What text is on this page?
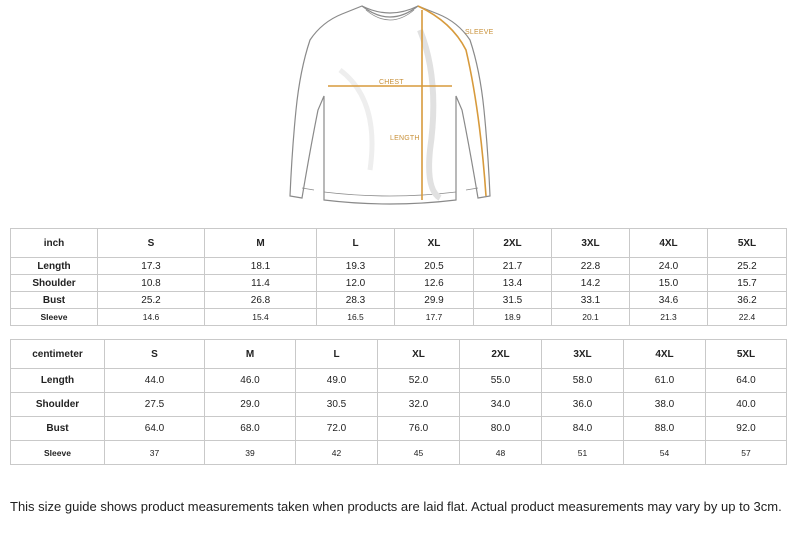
SLEEVE
CHEST
LENGTH
inch	S	M	L	XL	2XL	3XL	4XL	5XL
Length	17.3	18.1	19.3	20.5	21.7	22.8	24.0	25.2
Shoulder	10.8	11.4	12.0	12.6	13.4	14.2	15.0	15.7
Bust	25.2	26.8	28.3	29.9	31.5	33.1	34.6	36.2
Sleeve	14.6	15.4	16.5	17.7	18.9	20.1	21.3	22.4
centimeter	S	M	L	XL	2XL	3XL	4XL	5XL
Length	44.0	46.0	49.0	52.0	55.0	58.0	61.0	64.0
Shoulder	27.5	29.0	30.5	32.0	34.0	36.0	38.0	40.0
Bust	64.0	68.0	72.0	76.0	80.0	84.0	88.0	92.0
Sleeve	37	39	42	45	48	51	54	57
This size guide shows product measurements taken when products are laid flat. Actual product measurements may vary by up to 3cm.
